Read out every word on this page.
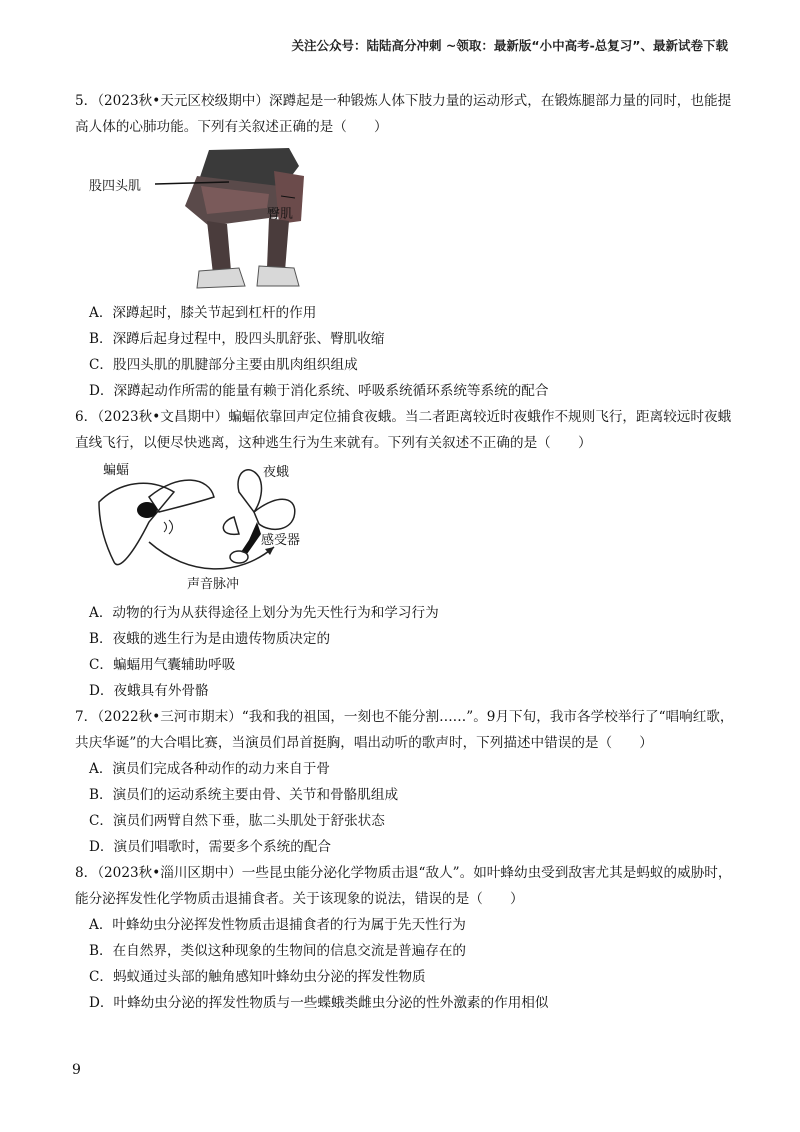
关注公众号：陆陆高分冲刺 ~领取：最新版“小中高考-总复习”、最新试卷下载

5．（2023秋•天元区校级期中）深蹲起是一种锻炼人体下肢力量的运动形式，在锻炼腿部力量的同时，也能提高人体的心肺功能。下列有关叙述正确的是（　　）

股四头肌
臀肌

A．深蹲起时，膝关节起到杠杆的作用

B．深蹲后起身过程中，股四头肌舒张、臀肌收缩

C．股四头肌的肌腱部分主要由肌肉组织组成

D．深蹲起动作所需的能量有赖于消化系统、呼吸系统循环系统等系统的配合

6．（2023秋•文昌期中）蝙蝠依靠回声定位捕食夜蛾。当二者距离较近时夜蛾作不规则飞行，距离较远时夜蛾直线飞行，以便尽快逃离，这种逃生行为生来就有。下列有关叙述不正确的是（　　）

蝙蝠	夜蛾
感受器
声音脉冲

A．动物的行为从获得途径上划分为先天性行为和学习行为

B．夜蛾的逃生行为是由遗传物质决定的

C．蝙蝠用气囊辅助呼吸

D．夜蛾具有外骨骼

7．（2022秋•三河市期末）“我和我的祖国，一刻也不能分割……”。9月下旬，我市各学校举行了“唱响红歌，共庆华诞”的大合唱比赛，当演员们昂首挺胸，唱出动听的歌声时，下列描述中错误的是（　　）

A．演员们完成各种动作的动力来自于骨

B．演员们的运动系统主要由骨、关节和骨骼肌组成

C．演员们两臂自然下垂，肱二头肌处于舒张状态

D．演员们唱歌时，需要多个系统的配合

8．（2023秋•淄川区期中）一些昆虫能分泌化学物质击退“敌人”。如叶蜂幼虫受到敌害尤其是蚂蚁的威胁时，能分泌挥发性化学物质击退捕食者。关于该现象的说法，错误的是（　　）

A．叶蜂幼虫分泌挥发性物质击退捕食者的行为属于先天性行为

B．在自然界，类似这种现象的生物间的信息交流是普遍存在的

C．蚂蚁通过头部的触角感知叶蜂幼虫分泌的挥发性物质

D．叶蜂幼虫分泌的挥发性物质与一些蝶蛾类雌虫分泌的性外激素的作用相似

9
